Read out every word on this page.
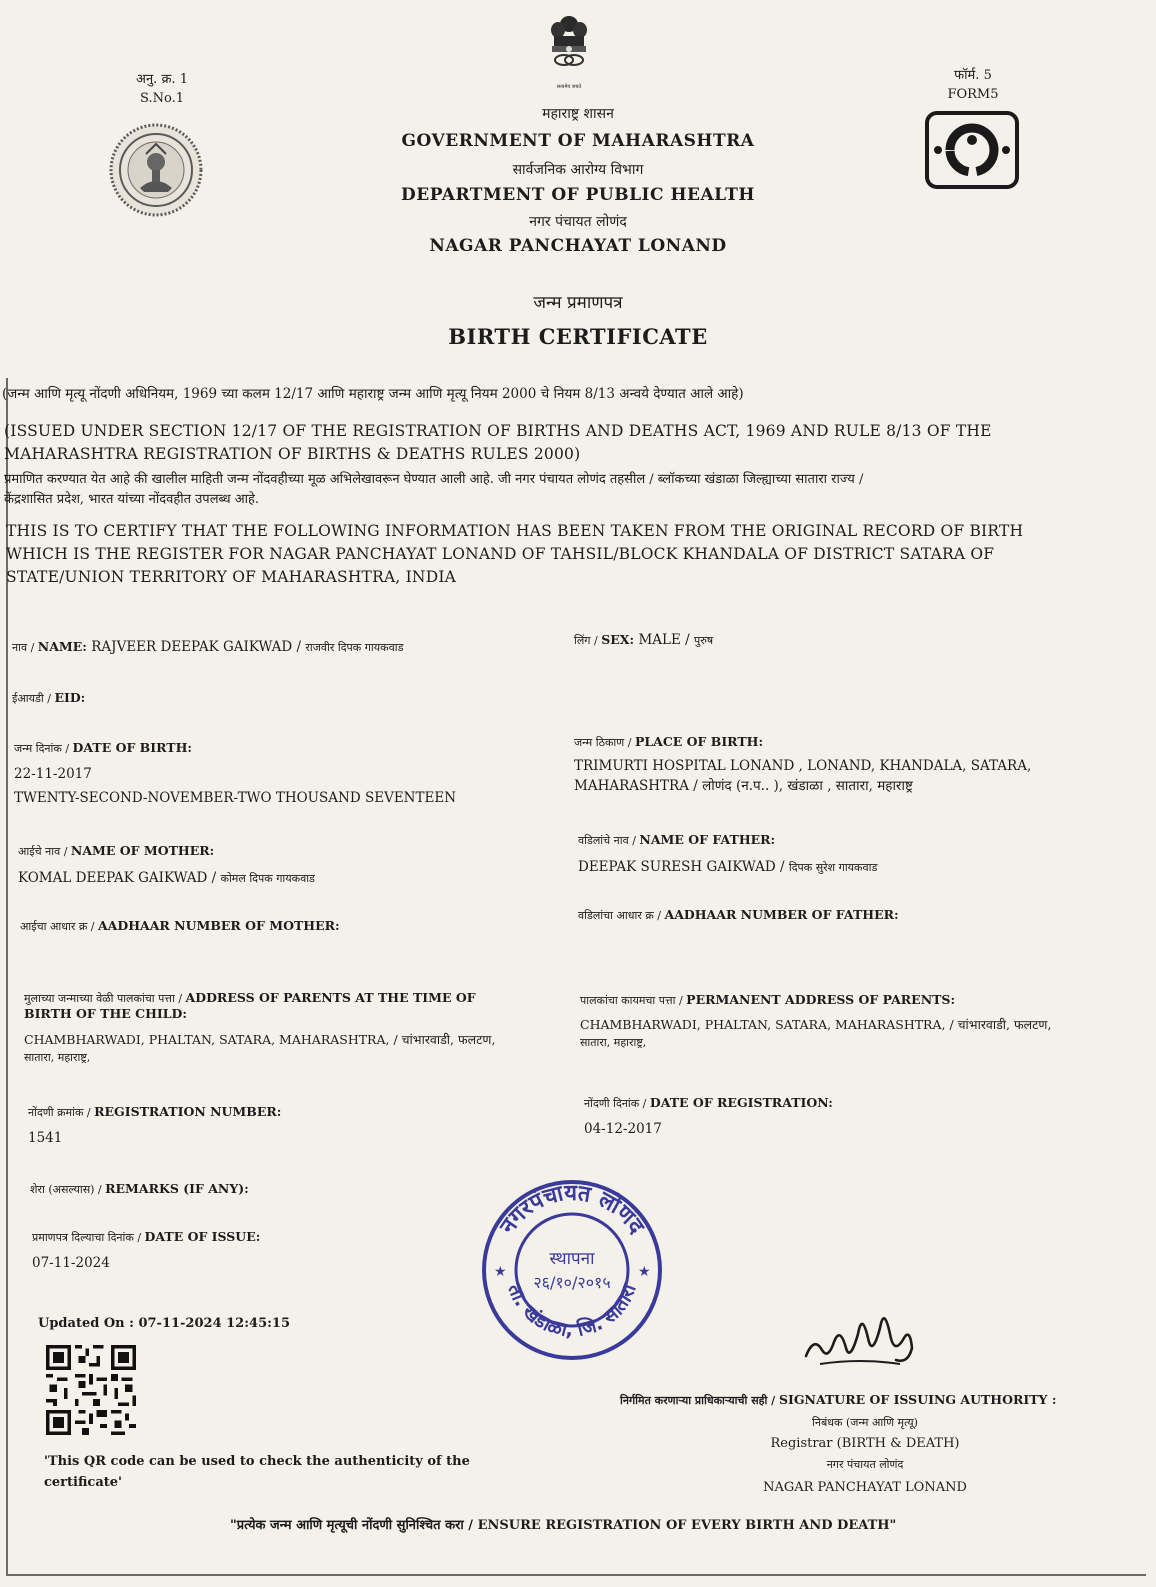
अनु. क्र. 1
S.No.1
सत्यमेव जयते
फॉर्म. 5
FORM5
महाराष्ट्र शासन
GOVERNMENT OF MAHARASHTRA
सार्वजनिक आरोग्य विभाग
DEPARTMENT OF PUBLIC HEALTH
नगर पंचायत लोणंद
NAGAR PANCHAYAT LONAND
जन्म प्रमाणपत्र
BIRTH CERTIFICATE
(जन्म आणि मृत्यू नोंदणी अधिनियम, 1969 च्या कलम 12/17 आणि महाराष्ट्र जन्म आणि मृत्यू नियम 2000 चे नियम 8/13 अन्वये देण्यात आले आहे)
(ISSUED UNDER SECTION 12/17 OF THE REGISTRATION OF BIRTHS AND DEATHS ACT, 1969 AND RULE 8/13 OF THE
MAHARASHTRA REGISTRATION OF BIRTHS & DEATHS RULES 2000)
प्रमाणित करण्यात येत आहे की खालील माहिती जन्म नोंदवहीच्या मूळ अभिलेखावरून घेण्यात आली आहे. जी नगर पंचायत लोणंद तहसील / ब्लॉकच्या खंडाळा जिल्ह्याच्या सातारा राज्य /
केंद्रशासित प्रदेश, भारत यांच्या नोंदवहीत उपलब्ध आहे.
THIS IS TO CERTIFY THAT THE FOLLOWING INFORMATION HAS BEEN TAKEN FROM THE ORIGINAL RECORD OF BIRTH
WHICH IS THE REGISTER FOR NAGAR PANCHAYAT LONAND OF TAHSIL/BLOCK KHANDALA OF DISTRICT SATARA OF
STATE/UNION TERRITORY OF MAHARASHTRA, INDIA
नाव / NAME: RAJVEER DEEPAK GAIKWAD / राजवीर दिपक गायकवाड
लिंग / SEX: MALE / पुरुष
ईआयडी / EID:
जन्म दिनांक / DATE OF BIRTH:
22-11-2017
TWENTY-SECOND-NOVEMBER-TWO THOUSAND SEVENTEEN
जन्म ठिकाण / PLACE OF BIRTH:
TRIMURTI HOSPITAL LONAND , LONAND, KHANDALA, SATARA,
MAHARASHTRA / लोणंद (न.प.. ), खंडाळा , सातारा, महाराष्ट्र
आईचे नाव / NAME OF MOTHER:
KOMAL DEEPAK GAIKWAD / कोमल दिपक गायकवाड
वडिलांचे नाव / NAME OF FATHER:
DEEPAK SURESH GAIKWAD / दिपक सुरेश गायकवाड
आईचा आधार क्र / AADHAAR NUMBER OF MOTHER:
वडिलांचा आधार क्र / AADHAAR NUMBER OF FATHER:
मुलाच्या जन्माच्या वेळी पालकांचा पत्ता / ADDRESS OF PARENTS AT THE TIME OF
BIRTH OF THE CHILD:
CHAMBHARWADI, PHALTAN, SATARA, MAHARASHTRA, / चांभारवाडी, फलटण,
सातारा, महाराष्ट्र,
पालकांचा कायमचा पत्ता / PERMANENT ADDRESS OF PARENTS:
CHAMBHARWADI, PHALTAN, SATARA, MAHARASHTRA, / चांभारवाडी, फलटण,
सातारा, महाराष्ट्र,
नोंदणी क्रमांक / REGISTRATION NUMBER:
1541
नोंदणी दिनांक / DATE OF REGISTRATION:
04-12-2017
शेरा (असल्यास) / REMARKS (IF ANY):
प्रमाणपत्र दिल्याचा दिनांक / DATE OF ISSUE:
07-11-2024
Updated On : 07-11-2024 12:45:15
'This QR code can be used to check the authenticity of the
certificate'
नगरपंचायत लोणंद
ता. खंडाळा, जि. सातारा
★	★
स्थापना
२६/१०/२०१५
निर्गमित करणाऱ्या प्राधिकाऱ्याची सही / SIGNATURE OF ISSUING AUTHORITY :
निबंधक (जन्म आणि मृत्यू)
Registrar (BIRTH & DEATH)
नगर पंचायत लोणंद
NAGAR PANCHAYAT LONAND
"प्रत्येक जन्म आणि मृत्यूची नोंदणी सुनिश्चित करा / ENSURE REGISTRATION OF EVERY BIRTH AND DEATH"
